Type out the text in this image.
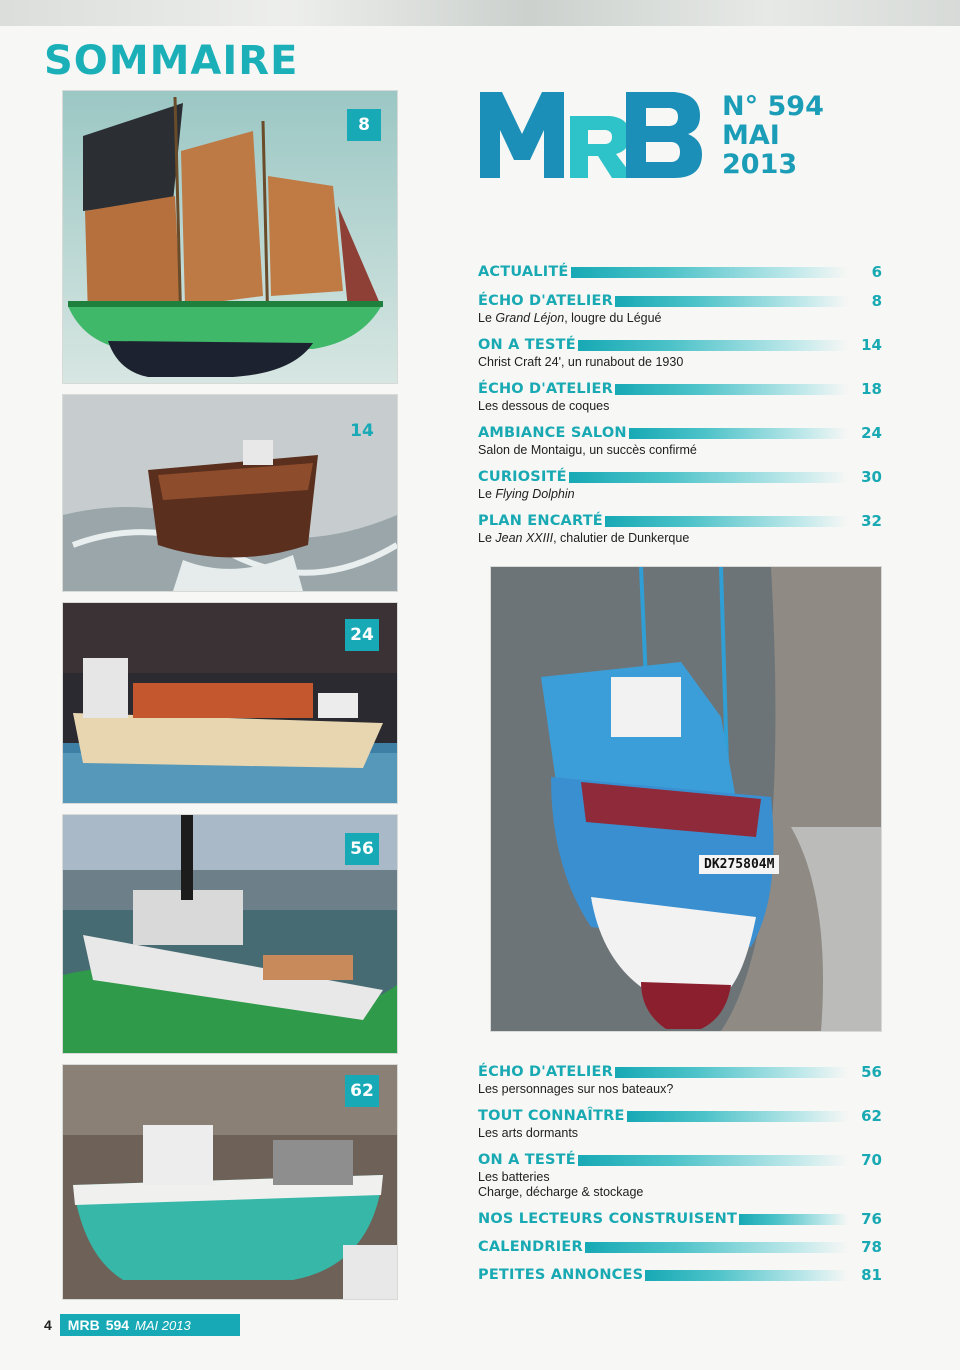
SOMMAIRE
8
14
24
56
62
N° 594
MAI
2013
ACTUALITÉ	6
ÉCHO D'ATELIER	8
Le Grand Léjon, lougre du Légué
ON A TESTÉ	14
Christ Craft 24', un runabout de 1930
ÉCHO D'ATELIER	18
Les dessous de coques
AMBIANCE SALON	24
Salon de Montaigu, un succès confirmé
CURIOSITÉ	30
Le Flying Dolphin
PLAN ENCARTÉ	32
Le Jean XXIII, chalutier de Dunkerque
DK275804M
ÉCHO D'ATELIER	56
Les personnages sur nos bateaux?
TOUT CONNAÎTRE	62
Les arts dormants
ON A TESTÉ	70
Les batteries
Charge, décharge & stockage
NOS LECTEURS CONSTRUISENT	76
CALENDRIER	78
PETITES ANNONCES	81
4 MRB 594 MAI 2013
